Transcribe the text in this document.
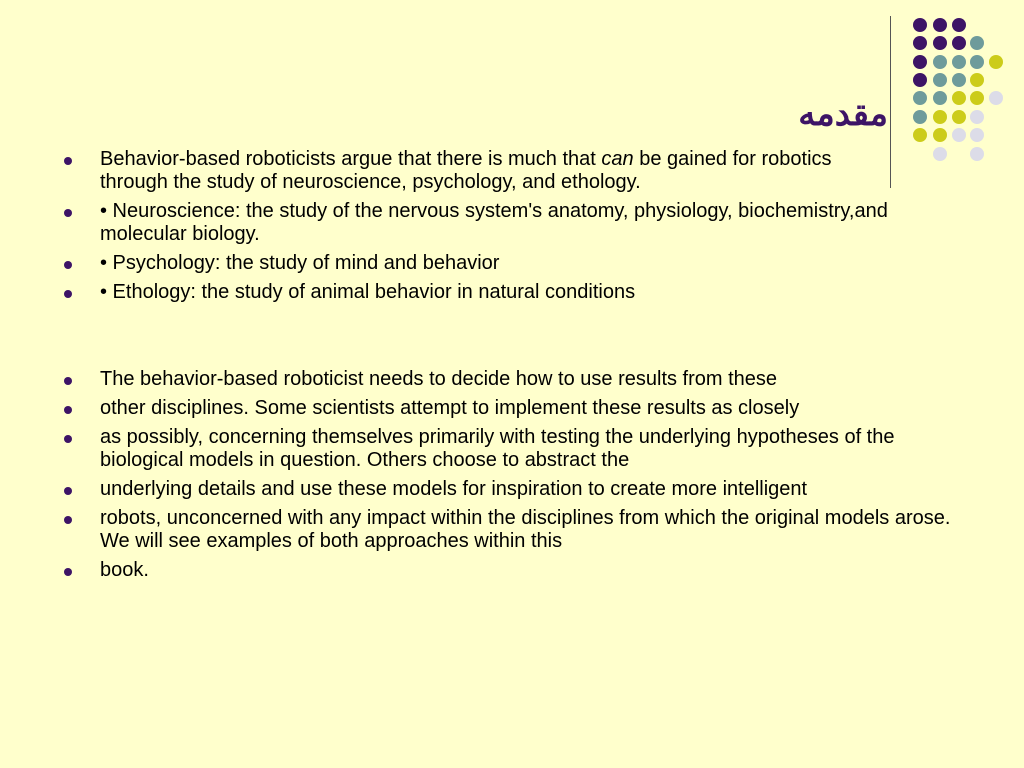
مقدمه
Behavior-based roboticists argue that there is much that can be gained for robotics through the study of neuroscience, psychology, and ethology.
• Neuroscience: the study of the nervous system's anatomy, physiology, biochemistry,and molecular biology.
• Psychology: the study of mind and behavior
• Ethology: the study of animal behavior in natural conditions
The behavior-based roboticist needs to decide how to use results from these
other disciplines. Some scientists attempt to implement these results as closely
as possibly, concerning themselves primarily with testing the underlying hypotheses of the biological models in question. Others choose to abstract the
underlying details and use these models for inspiration to create more intelligent
robots, unconcerned with any impact within the disciplines from which the original models arose. We will see examples of both approaches within this
book.
